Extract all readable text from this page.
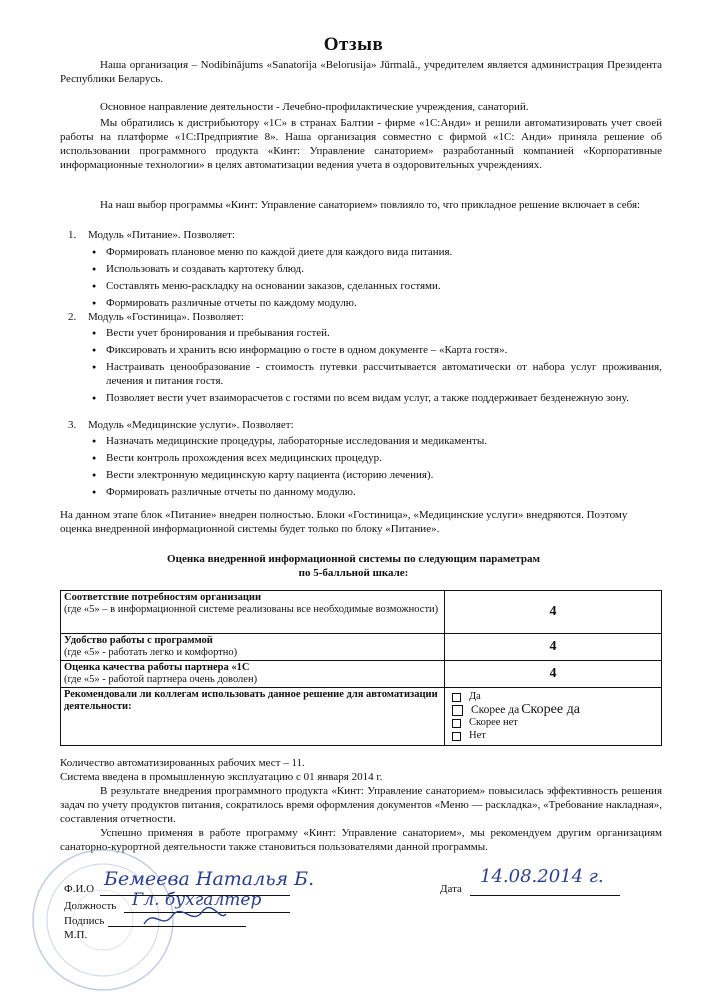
Отзыв
Наша организация – Nodibinājums «Sanatorija «Belorusija» Jūrmalā., учредителем является администрация Президента Республики Беларусь.
Основное направление деятельности - Лечебно-профилактические учреждения, санаторий.
Мы обратились к дистрибьютору «1С» в странах Балтии - фирме «1С:Анди» и решили автоматизировать учет своей работы на платформе «1С:Предприятие 8». Наша организация совместно с фирмой «1С: Анди» приняла решение об использовании программного продукта «Кинт: Управление санаторием» разработанный компанией «Корпоративные информационные технологии» в целях автоматизации ведения учета в оздоровительных учреждениях.
На наш выбор программы «Кинт: Управление санаторием» повлияло то, что прикладное решение включает в себя:
1. Модуль «Питание». Позволяет:
● Формировать плановое меню по каждой диете для каждого вида питания.
● Использовать и создавать картотеку блюд.
● Составлять меню-раскладку на основании заказов, сделанных гостями.
● Формировать различные отчеты по каждому модулю.
2. Модуль «Гостиница». Позволяет:
● Вести учет бронирования и пребывания гостей.
● Фиксировать и хранить всю информацию о госте в одном документе – «Карта гостя».
● Настраивать ценообразование - стоимость путевки рассчитывается автоматически от набора услуг проживания, лечения и питания гостя.
● Позволяет вести учет взаиморасчетов с гостями по всем видам услуг, а также поддерживает безденежную зону.
3. Модуль «Медицинские услуги». Позволяет:
● Назначать медицинские процедуры, лабораторные исследования и медикаменты.
● Вести контроль прохождения всех медицинских процедур.
● Вести электронную медицинскую карту пациента (историю лечения).
● Формировать различные отчеты по данному модулю.
На данном этапе блок «Питание» внедрен полностью. Блоки «Гостиница», «Медицинские услуги» внедряются. Поэтому оценка внедренной информационной системы будет только по блоку «Питание».
Оценка внедренной информационной системы по следующим параметрам
по 5-балльной шкале:
Соответствие потребностям организации
(где «5» – в информационной системе реализованы все необходимые возможности)	4
Удобство работы с программой
(где «5» - работать легко и комфортно)	4
Оценка качества работы партнера «1С
(где «5» - работой партнера очень доволен)	4
Рекомендовали ли коллегам использовать данное решение для автоматизации деятельности:	Да
Скорее да Скорее да
Скорее нет
Нет
Количество автоматизированных рабочих мест – 11.
Система введена в промышленную эксплуатацию с 01 января 2014 г.
В результате внедрения программного продукта «Кинт: Управление санаторием» повысилась эффективность решения задач по учету продуктов питания, сократилось время оформления документов «Меню — раскладка», «Требование накладная», составления отчетности.
Успешно применяя в работе программу «Кинт: Управление санаторием», мы рекомендуем другим организациям санаторно-курортной деятельности также становиться пользователями данной программы.
Ф.И.О Бемеева Наталья Б.
Должность Гл. бухгалтер
Подпись
М.П.
Дата
14.08.2014 г.
